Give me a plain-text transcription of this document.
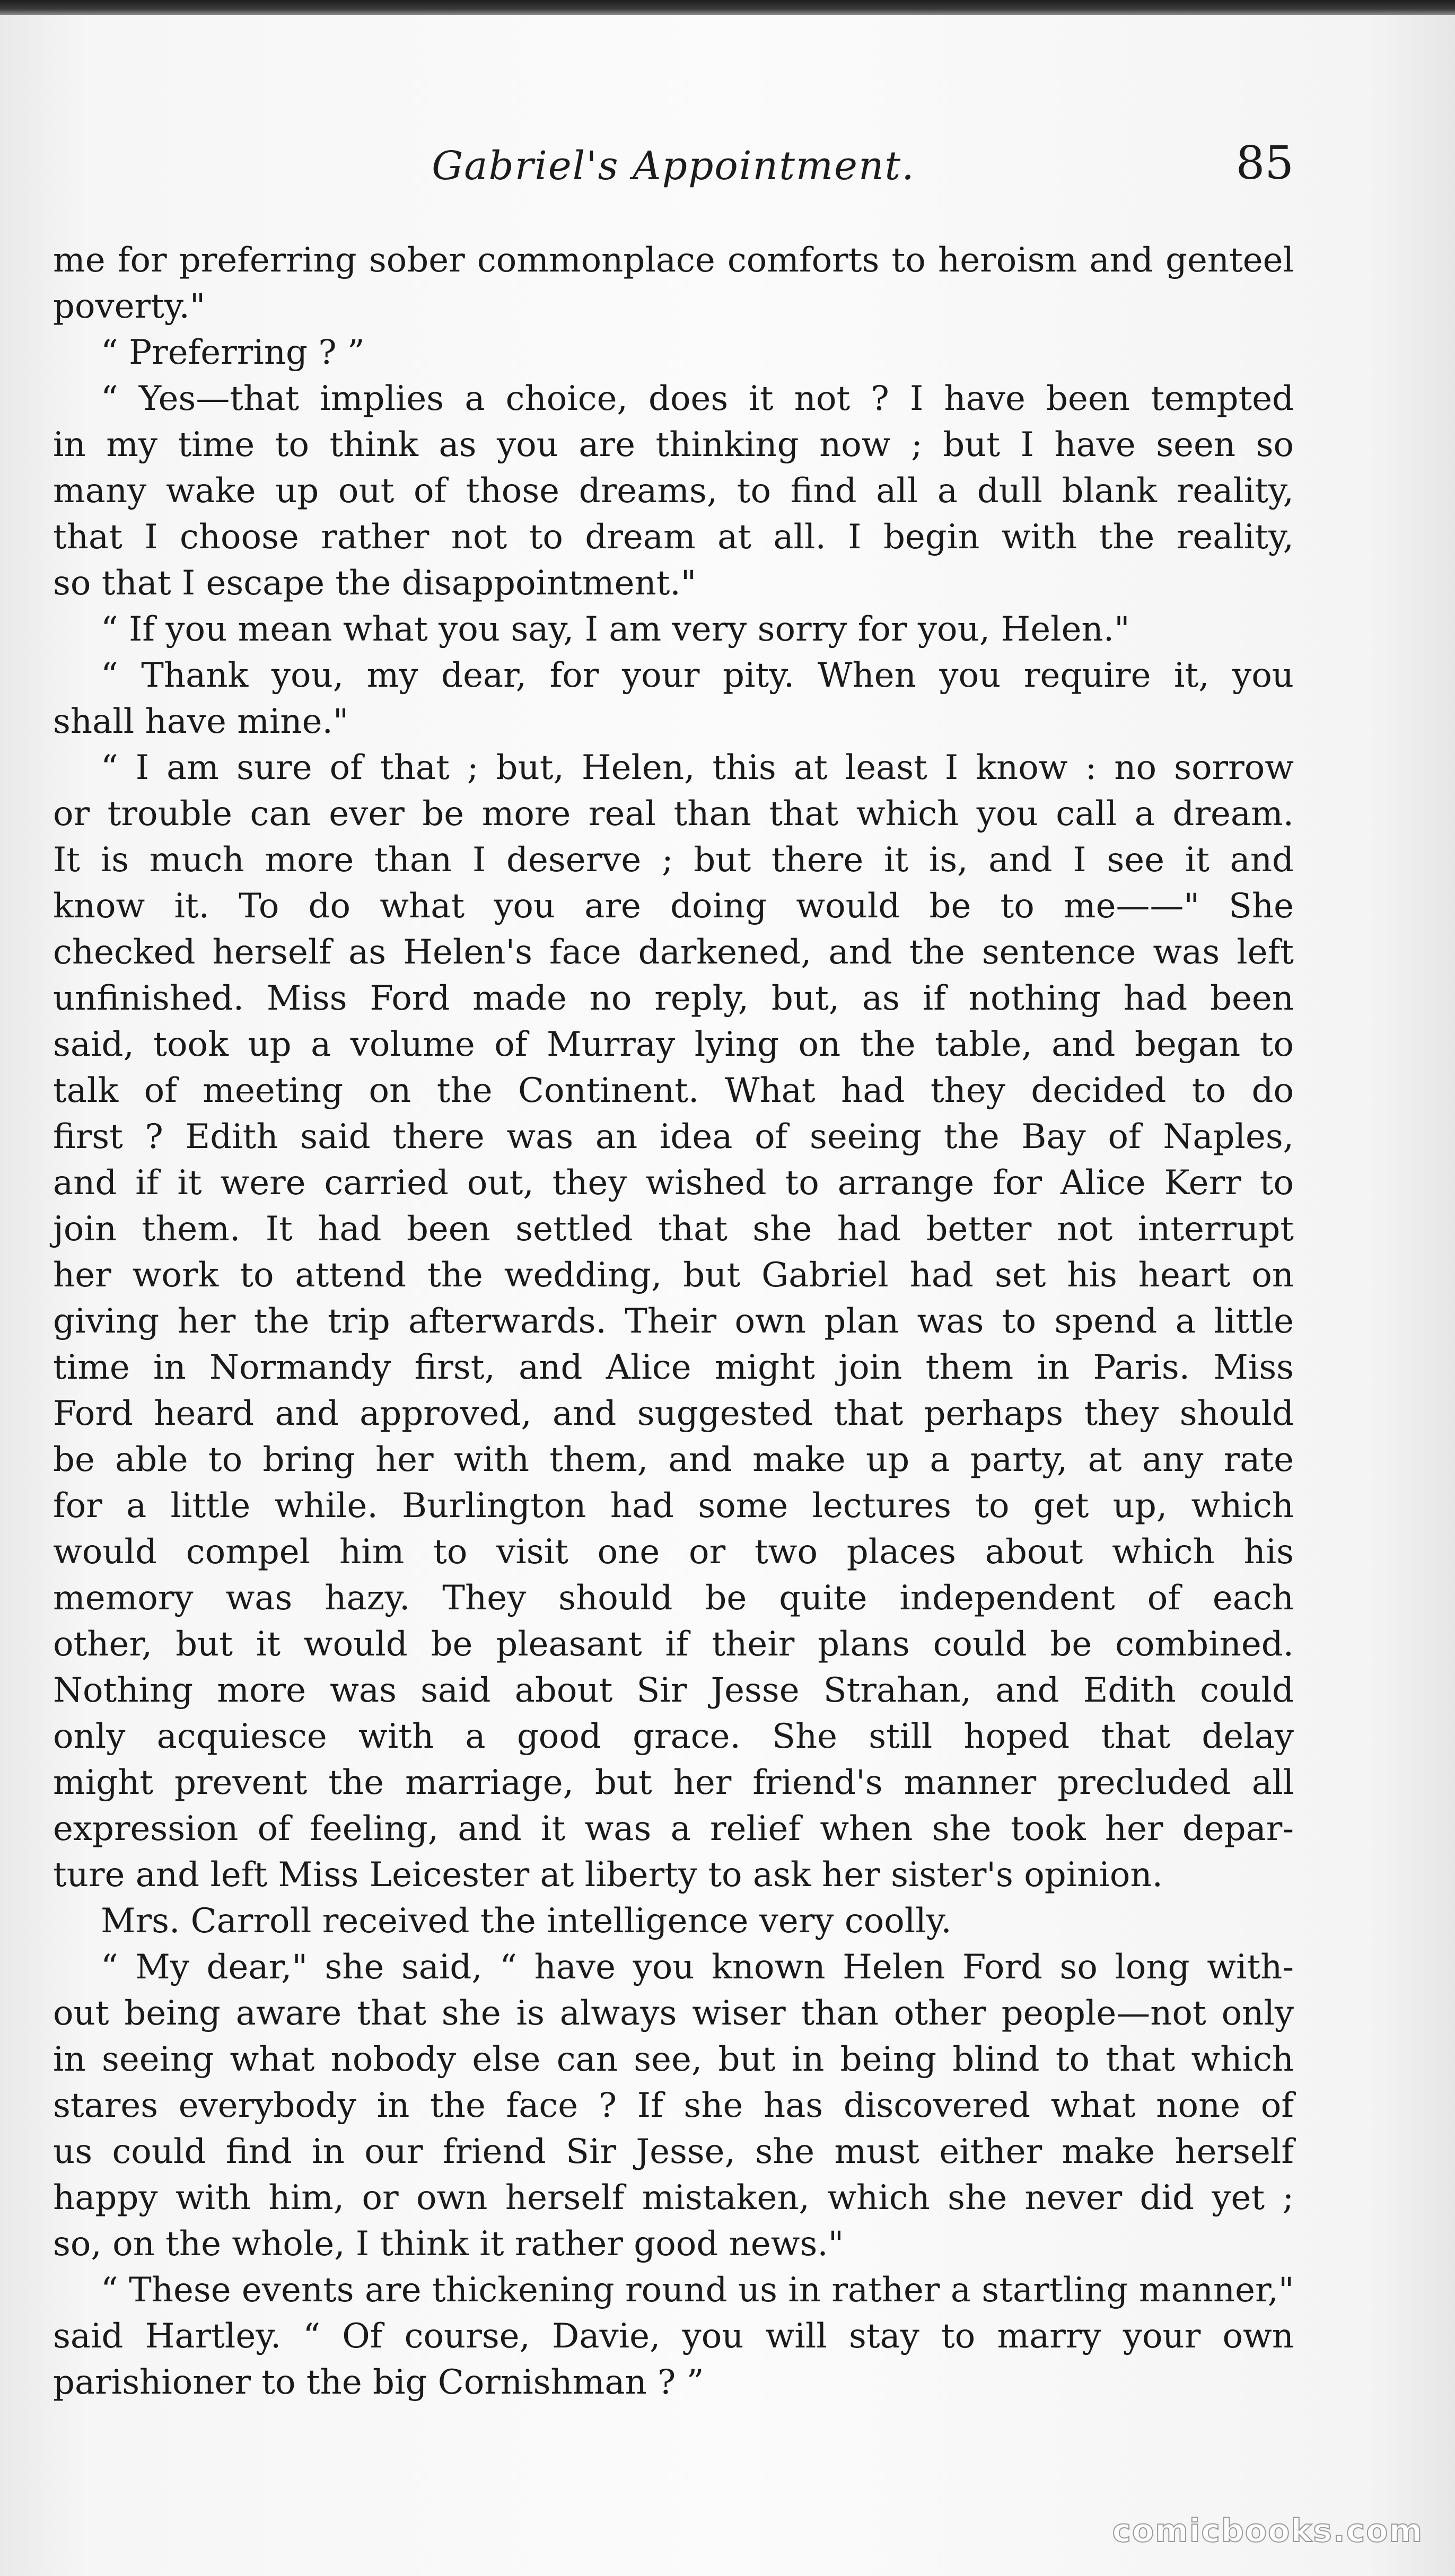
Gabriel's Appointment.	85
me for preferring sober commonplace comforts to heroism and genteel
poverty."
“ Preferring ? ”
“ Yes—that implies a choice, does it not ? I have been tempted
in my time to think as you are thinking now ; but I have seen so
many wake up out of those dreams, to find all a dull blank reality,
that I choose rather not to dream at all. I begin with the reality,
so that I escape the disappointment."
“ If you mean what you say, I am very sorry for you, Helen."
“ Thank you, my dear, for your pity. When you require it, you
shall have mine."
“ I am sure of that ; but, Helen, this at least I know : no sorrow
or trouble can ever be more real than that which you call a dream.
It is much more than I deserve ; but there it is, and I see it and
know it. To do what you are doing would be to me——" She
checked herself as Helen's face darkened, and the sentence was left
unfinished. Miss Ford made no reply, but, as if nothing had been
said, took up a volume of Murray lying on the table, and began to
talk of meeting on the Continent. What had they decided to do
first ? Edith said there was an idea of seeing the Bay of Naples,
and if it were carried out, they wished to arrange for Alice Kerr to
join them. It had been settled that she had better not interrupt
her work to attend the wedding, but Gabriel had set his heart on
giving her the trip afterwards. Their own plan was to spend a little
time in Normandy first, and Alice might join them in Paris. Miss
Ford heard and approved, and suggested that perhaps they should
be able to bring her with them, and make up a party, at any rate
for a little while. Burlington had some lectures to get up, which
would compel him to visit one or two places about which his
memory was hazy. They should be quite independent of each
other, but it would be pleasant if their plans could be combined.
Nothing more was said about Sir Jesse Strahan, and Edith could
only acquiesce with a good grace. She still hoped that delay
might prevent the marriage, but her friend's manner precluded all
expression of feeling, and it was a relief when she took her depar-
ture and left Miss Leicester at liberty to ask her sister's opinion.
Mrs. Carroll received the intelligence very coolly.
“ My dear," she said, “ have you known Helen Ford so long with-
out being aware that she is always wiser than other people—not only
in seeing what nobody else can see, but in being blind to that which
stares everybody in the face ? If she has discovered what none of
us could find in our friend Sir Jesse, she must either make herself
happy with him, or own herself mistaken, which she never did yet ;
so, on the whole, I think it rather good news."
“ These events are thickening round us in rather a startling manner,"
said Hartley. “ Of course, Davie, you will stay to marry your own
parishioner to the big Cornishman ? ”
comicbooks.com
